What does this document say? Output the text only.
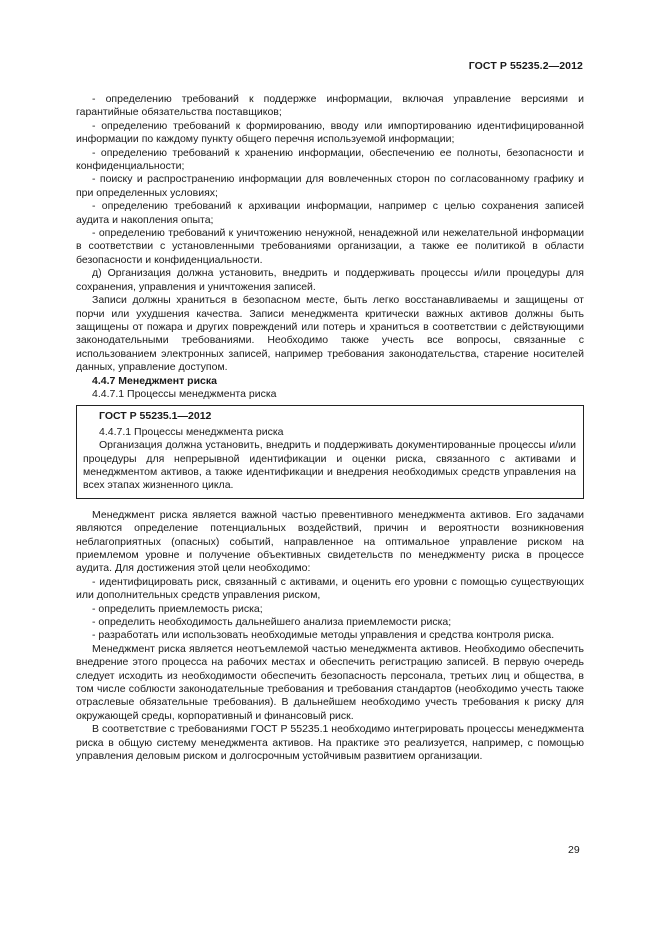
ГОСТ Р 55235.2—2012

- определению требований к поддержке информации, включая управление версиями и гарантийные обязательства поставщиков;

- определению требований к формированию, вводу или импортированию идентифицированной информации по каждому пункту общего перечня используемой информации;

- определению требований к хранению информации, обеспечению ее полноты, безопасности и конфиденциальности;

- поиску и распространению информации для вовлеченных сторон по согласованному графику и при определенных условиях;

- определению требований к архивации информации, например с целью сохранения записей аудита и накопления опыта;

- определению требований к уничтожению ненужной, ненадежной или нежелательной информации в соответствии с установленными требованиями организации, а также ее политикой в области безопасности и конфиденциальности.

д) Организация должна установить, внедрить и поддерживать процессы и/или процедуры для сохранения, управления и уничтожения записей.

Записи должны храниться в безопасном месте, быть легко восстанавливаемы и защищены от порчи или ухудшения качества. Записи менеджмента критически важных активов должны быть защищены от пожара и других повреждений или потерь и храниться в соответствии с действующими законодательными требованиями. Необходимо также учесть все вопросы, связанные с использованием электронных записей, например требования законодательства, старение носителей данных, управление доступом.

4.4.7 Менеджмент риска

4.4.7.1 Процессы менеджмента риска

ГОСТ Р 55235.1—2012

4.4.7.1 Процессы менеджмента риска

Организация должна установить, внедрить и поддерживать документированные процессы и/или процедуры для непрерывной идентификации и оценки риска, связанного с активами и менеджментом активов, а также идентификации и внедрения необходимых средств управления на всех этапах жизненного цикла.

Менеджмент риска является важной частью превентивного менеджмента активов. Его задачами являются определение потенциальных воздействий, причин и вероятности возникновения неблагоприятных (опасных) событий, направленное на оптимальное управление риском на приемлемом уровне и получение объективных свидетельств по менеджменту риска в процессе аудита. Для достижения этой цели необходимо:

- идентифицировать риск, связанный с активами, и оценить его уровни с помощью существующих или дополнительных средств управления риском,

- определить приемлемость риска;

- определить необходимость дальнейшего анализа приемлемости риска;

- разработать или использовать необходимые методы управления и средства контроля риска.

Менеджмент риска является неотъемлемой частью менеджмента активов. Необходимо обеспечить внедрение этого процесса на рабочих местах и обеспечить регистрацию записей. В первую очередь следует исходить из необходимости обеспечить безопасность персонала, третьих лиц и общества, в том числе соблюсти законодательные требования и требования стандартов (необходимо учесть также отраслевые обязательные требования). В дальнейшем необходимо учесть требования к риску для окружающей среды, корпоративный и финансовый риск.

В соответствие с требованиями ГОСТ Р 55235.1 необходимо интегрировать процессы менеджмента риска в общую систему менеджмента активов. На практике это реализуется, например, с помощью управления деловым риском и долгосрочным устойчивым развитием организации.

29
